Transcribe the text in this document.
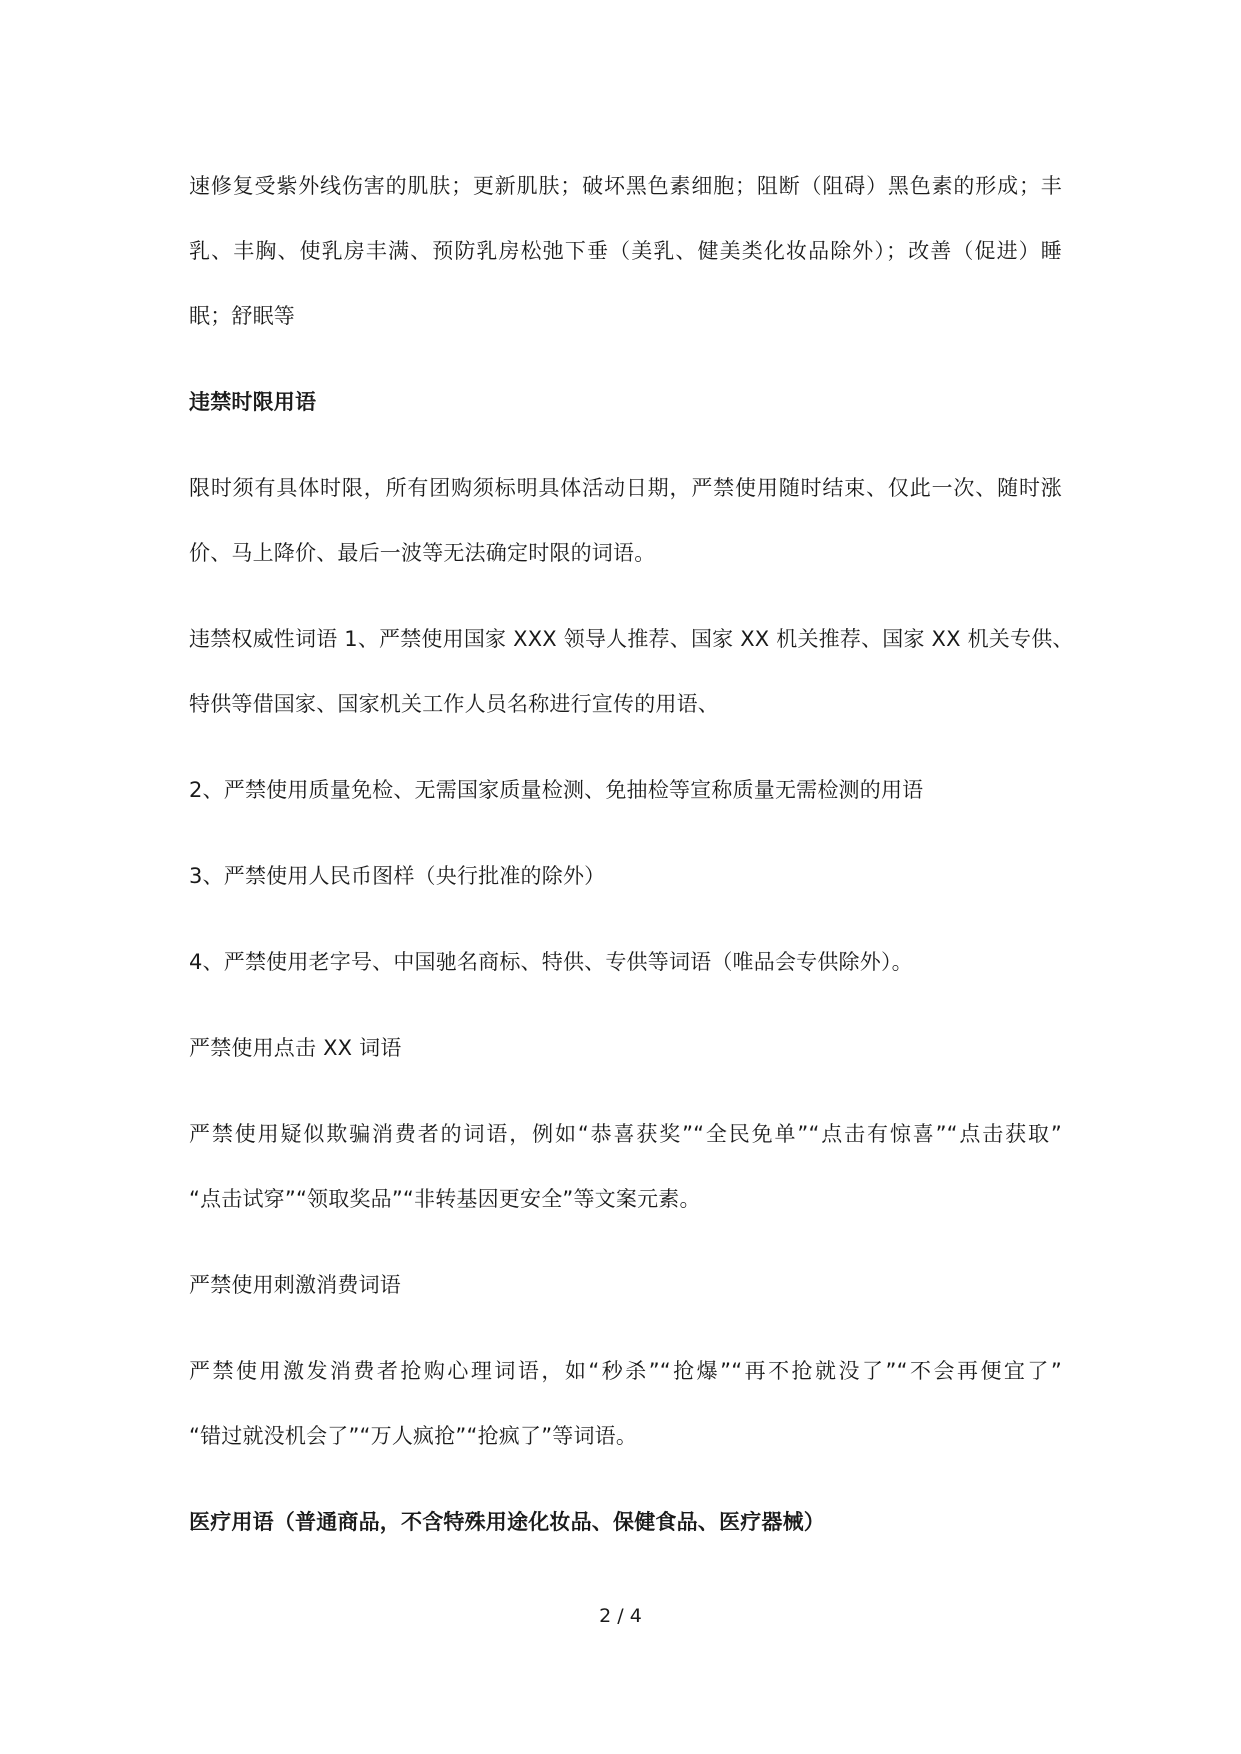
速修复受紫外线伤害的肌肤；更新肌肤；破坏黑色素细胞；阻断（阻碍）黑色素的形成；丰

乳、丰胸、使乳房丰满、预防乳房松弛下垂（美乳、健美类化妆品除外）；改善（促进）睡

眠；舒眠等

违禁时限用语

限时须有具体时限，所有团购须标明具体活动日期，严禁使用随时结束、仅此一次、随时涨

价、马上降价、最后一波等无法确定时限的词语。

违禁权威性词语 1、严禁使用国家 XXX 领导人推荐、国家 XX 机关推荐、国家 XX 机关专供、

特供等借国家、国家机关工作人员名称进行宣传的用语、

2、严禁使用质量免检、无需国家质量检测、免抽检等宣称质量无需检测的用语

3、严禁使用人民币图样（央行批准的除外）

4、严禁使用老字号、中国驰名商标、特供、专供等词语（唯品会专供除外）。

严禁使用点击 XX 词语

严禁使用疑似欺骗消费者的词语，例如“恭喜获奖”“全民免单”“点击有惊喜”“点击获取”

“点击试穿”“领取奖品”“非转基因更安全”等文案元素。

严禁使用刺激消费词语

严禁使用激发消费者抢购心理词语，如“秒杀”“抢爆”“再不抢就没了”“不会再便宜了”

“错过就没机会了”“万人疯抢”“抢疯了”等词语。

医疗用语（普通商品，不含特殊用途化妆品、保健食品、医疗器械）

2 / 4
